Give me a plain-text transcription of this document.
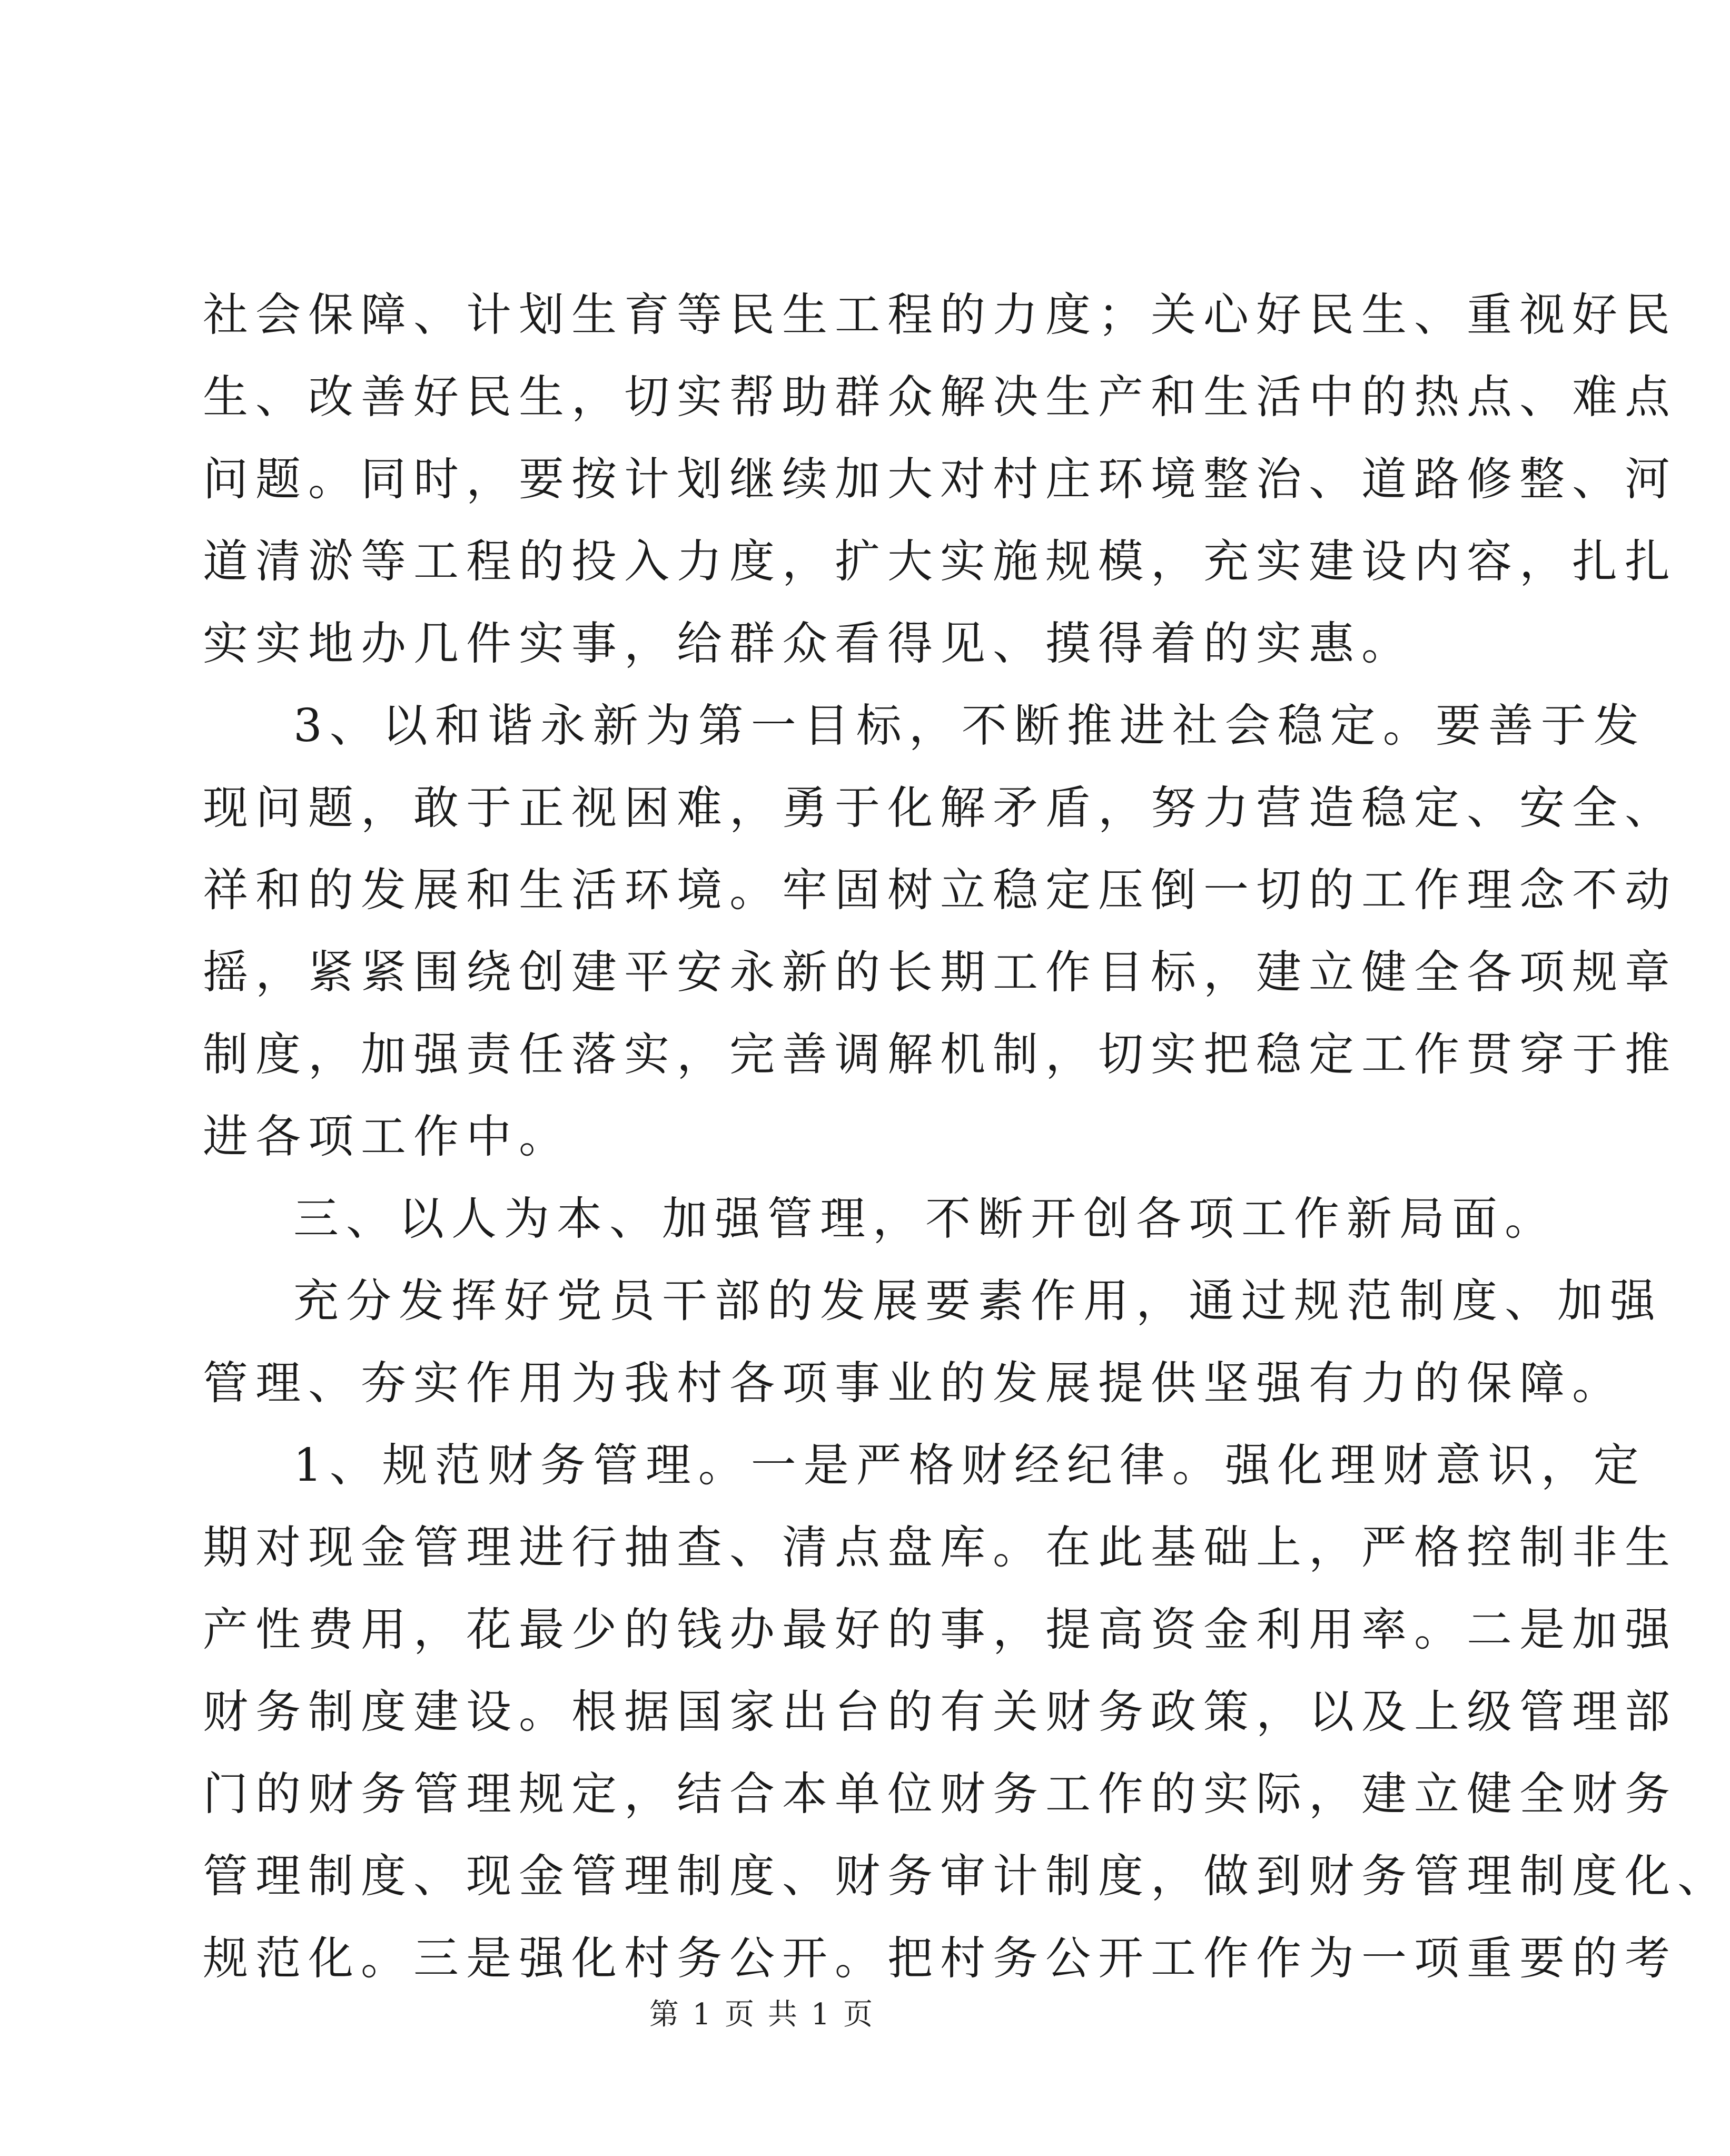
社会保障、计划生育等民生工程的力度；关心好民生、重视好民
生、改善好民生，切实帮助群众解决生产和生活中的热点、难点
问题。同时，要按计划继续加大对村庄环境整治、道路修整、河
道清淤等工程的投入力度，扩大实施规模，充实建设内容，扎扎
实实地办几件实事，给群众看得见、摸得着的实惠。
3、以和谐永新为第一目标，不断推进社会稳定。要善于发
现问题，敢于正视困难，勇于化解矛盾，努力营造稳定、安全、
祥和的发展和生活环境。牢固树立稳定压倒一切的工作理念不动
摇，紧紧围绕创建平安永新的长期工作目标，建立健全各项规章
制度，加强责任落实，完善调解机制，切实把稳定工作贯穿于推
进各项工作中。
三、以人为本、加强管理，不断开创各项工作新局面。
充分发挥好党员干部的发展要素作用，通过规范制度、加强
管理、夯实作用为我村各项事业的发展提供坚强有力的保障。
1、规范财务管理。一是严格财经纪律。强化理财意识，定
期对现金管理进行抽查、清点盘库。在此基础上，严格控制非生
产性费用，花最少的钱办最好的事，提高资金利用率。二是加强
财务制度建设。根据国家出台的有关财务政策，以及上级管理部
门的财务管理规定，结合本单位财务工作的实际，建立健全财务
管理制度、现金管理制度、财务审计制度，做到财务管理制度化、
规范化。三是强化村务公开。把村务公开工作作为一项重要的考
第 1 页 共 1 页
